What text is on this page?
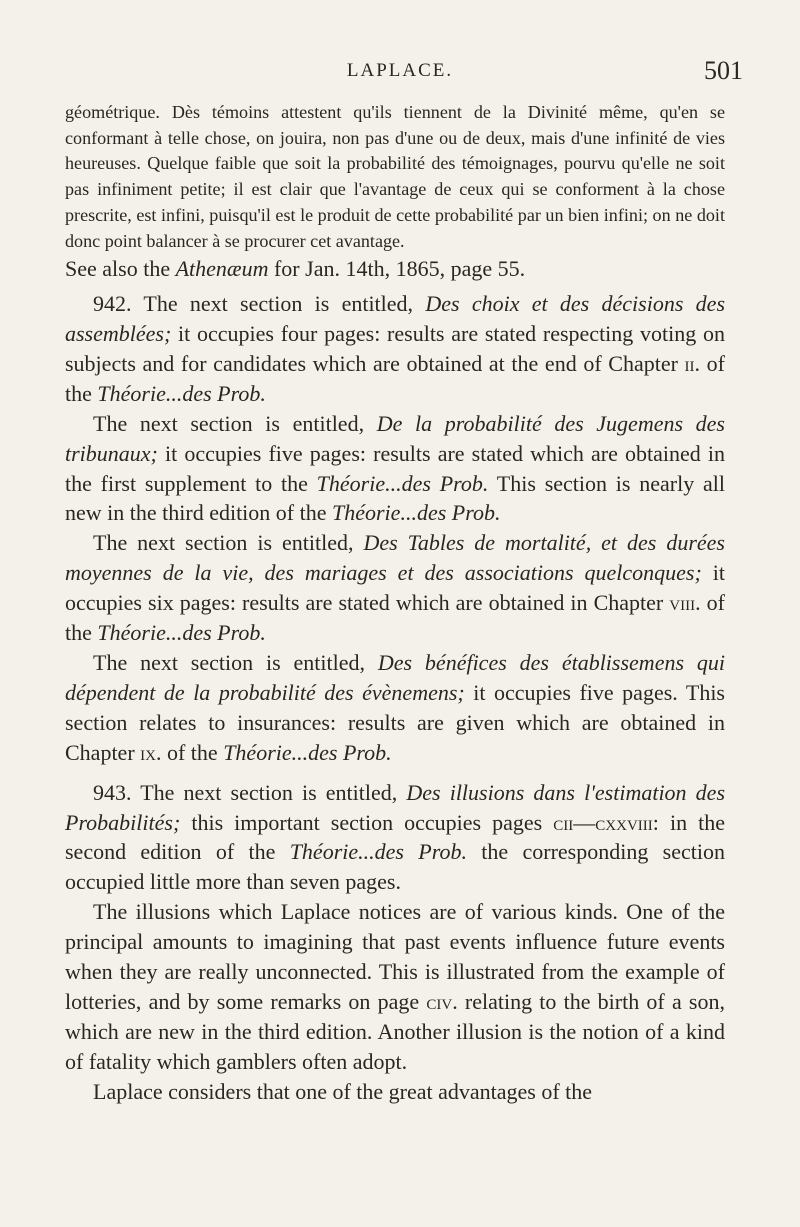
LAPLACE.	501

géométrique. Dès témoins attestent qu'ils tiennent de la Divinité même, qu'en se conformant à telle chose, on jouira, non pas d'une ou de deux, mais d'une infinité de vies heureuses. Quelque faible que soit la probabilité des témoignages, pourvu qu'elle ne soit pas infiniment petite; il est clair que l'avantage de ceux qui se conforment à la chose prescrite, est infini, puisqu'il est le produit de cette probabilité par un bien infini; on ne doit donc point balancer à se procurer cet avantage.

See also the Athenæum for Jan. 14th, 1865, page 55.

942. The next section is entitled, Des choix et des décisions des assemblées; it occupies four pages: results are stated respecting voting on subjects and for candidates which are obtained at the end of Chapter ii. of the Théorie...des Prob.

The next section is entitled, De la probabilité des Jugemens des tribunaux; it occupies five pages: results are stated which are obtained in the first supplement to the Théorie...des Prob. This section is nearly all new in the third edition of the Théorie...des Prob.

The next section is entitled, Des Tables de mortalité, et des durées moyennes de la vie, des mariages et des associations quelconques; it occupies six pages: results are stated which are obtained in Chapter viii. of the Théorie...des Prob.

The next section is entitled, Des bénéfices des établissemens qui dépendent de la probabilité des évènemens; it occupies five pages. This section relates to insurances: results are given which are obtained in Chapter ix. of the Théorie...des Prob.

943. The next section is entitled, Des illusions dans l'estimation des Probabilités; this important section occupies pages cii—cxxviii: in the second edition of the Théorie...des Prob. the corresponding section occupied little more than seven pages.

The illusions which Laplace notices are of various kinds. One of the principal amounts to imagining that past events influence future events when they are really unconnected. This is illustrated from the example of lotteries, and by some remarks on page civ. relating to the birth of a son, which are new in the third edition. Another illusion is the notion of a kind of fatality which gamblers often adopt.

Laplace considers that one of the great advantages of the
